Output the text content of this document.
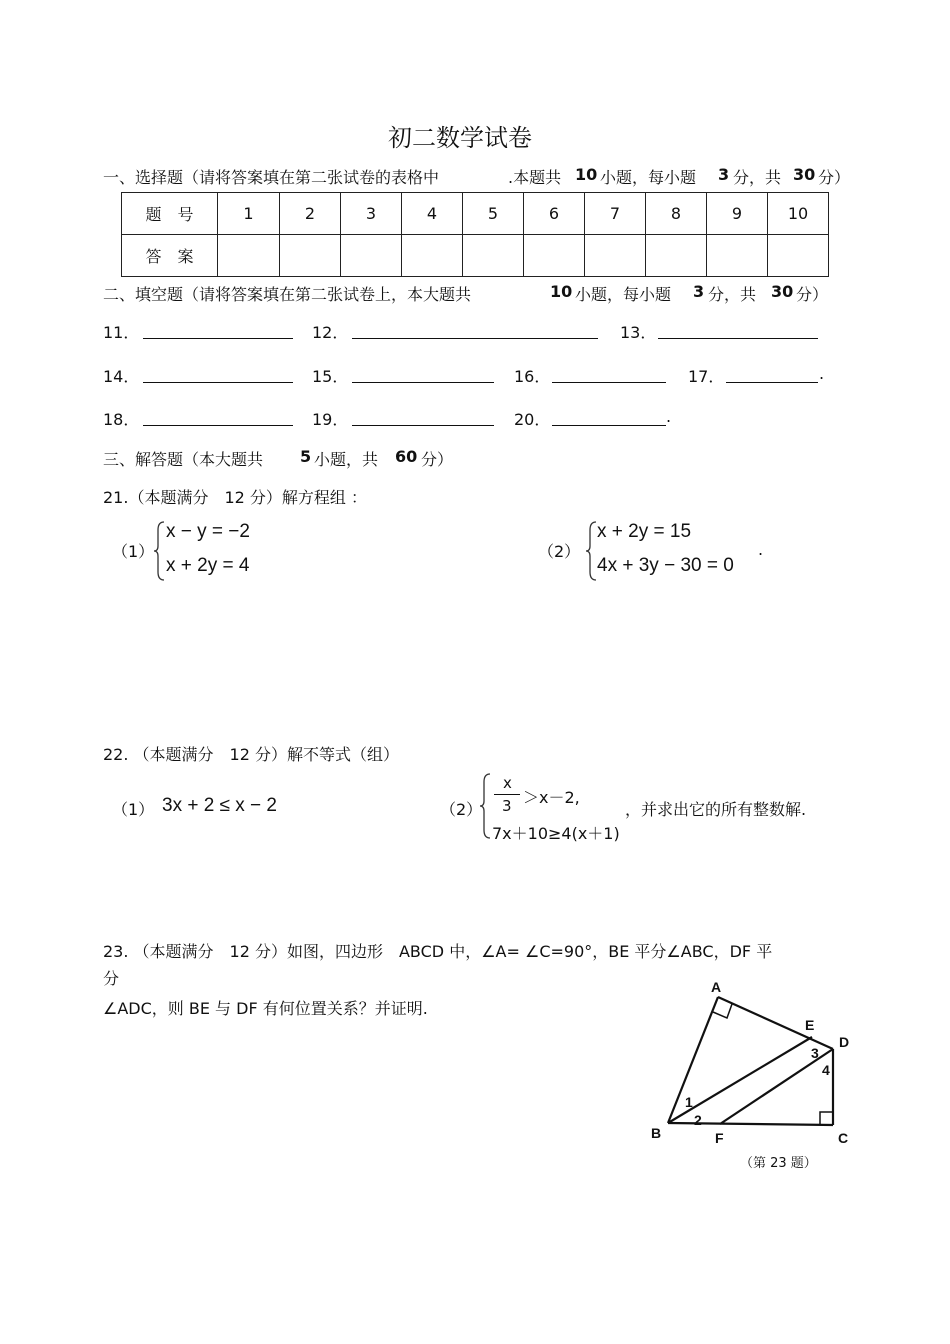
初二数学试卷
一、选择题（请将答案填在第二张试卷的表格中	.本题共 10 小题，每小题 3 分，共 30 分）
题　号	1	2	3	4	5	6	7	8	9	10
答　案										
二、填空题（请将答案填在第二张试卷上，本大题共	10 小题，每小题 3 分，共 30 分）
11．	12．	13．
14．	15．	16．	17．	.
18．	19．	20．	.
三、解答题（本大题共 5 小题，共 60 分）
21.（本题满分　12 分）解方程组 ：
（1）
x − y = −2
x + 2y = 4
（2）
x + 2y = 15
4x + 3y − 30 = 0
.
22. （本题满分　12 分）解不等式（组）
（1） 3x + 2 ≤ x − 2	（2）
x
3 ＞x－2,
7x＋10≥4(x＋1)
，并求出它的所有整数解.
23. （本题满分　12 分）如图，四边形　ABCD 中，∠A= ∠C=90°，BE 平分∠ABC，DF 平
分
∠ADC，则 BE 与 DF 有何位置关系？并证明.
A
B	C
D
E
F
1
2
3
4
（第 23 题）
